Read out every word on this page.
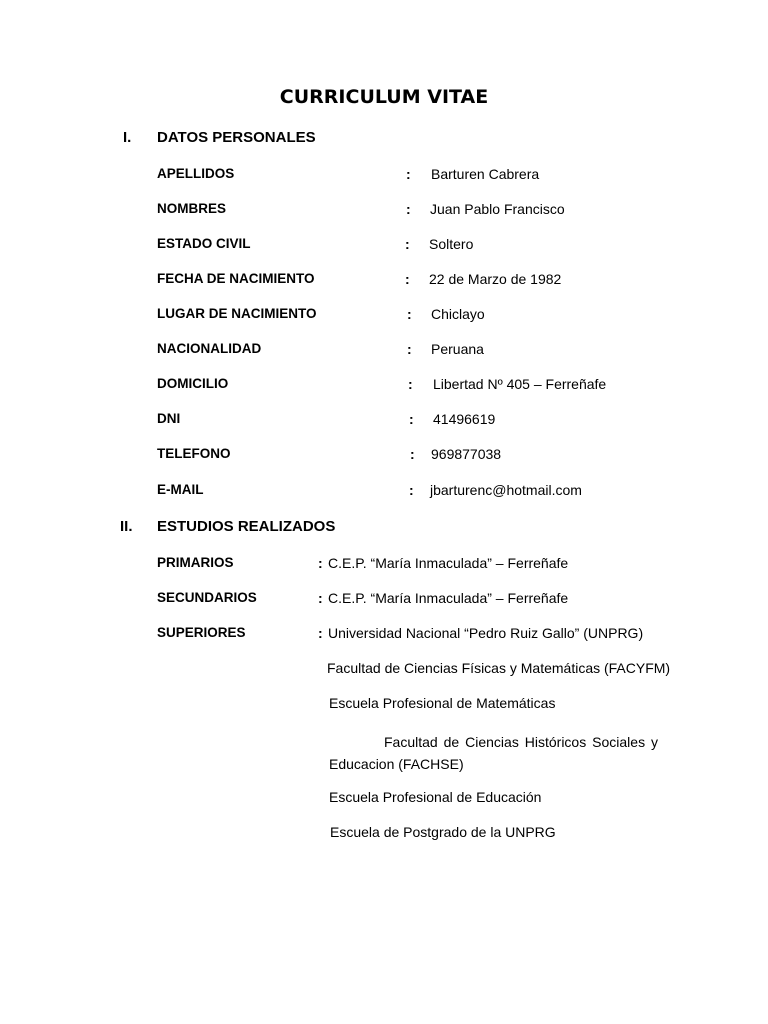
CURRICULUM VITAE
I. DATOS PERSONALES
APELLIDOS	: Barturen Cabrera
NOMBRES	: Juan Pablo Francisco
ESTADO CIVIL	: Soltero
FECHA DE NACIMIENTO	: 22 de Marzo de 1982
LUGAR DE NACIMIENTO	: Chiclayo
NACIONALIDAD	: Peruana
DOMICILIO	: Libertad Nº 405 – Ferreñafe
DNI	: 41496619
TELEFONO	: 969877038
E-MAIL	: jbarturenc@hotmail.com
II. ESTUDIOS REALIZADOS
PRIMARIOS	: C.E.P. “María Inmaculada” – Ferreñafe
SECUNDARIOS	: C.E.P. “María Inmaculada” – Ferreñafe
SUPERIORES	: Universidad Nacional “Pedro Ruiz Gallo” (UNPRG)
Facultad de Ciencias Físicas y Matemáticas (FACYFM)
Escuela Profesional de Matemáticas
Facultad de Ciencias Históricos Sociales y
Educacion (FACHSE)
Escuela Profesional de Educación
Escuela de Postgrado de la UNPRG
